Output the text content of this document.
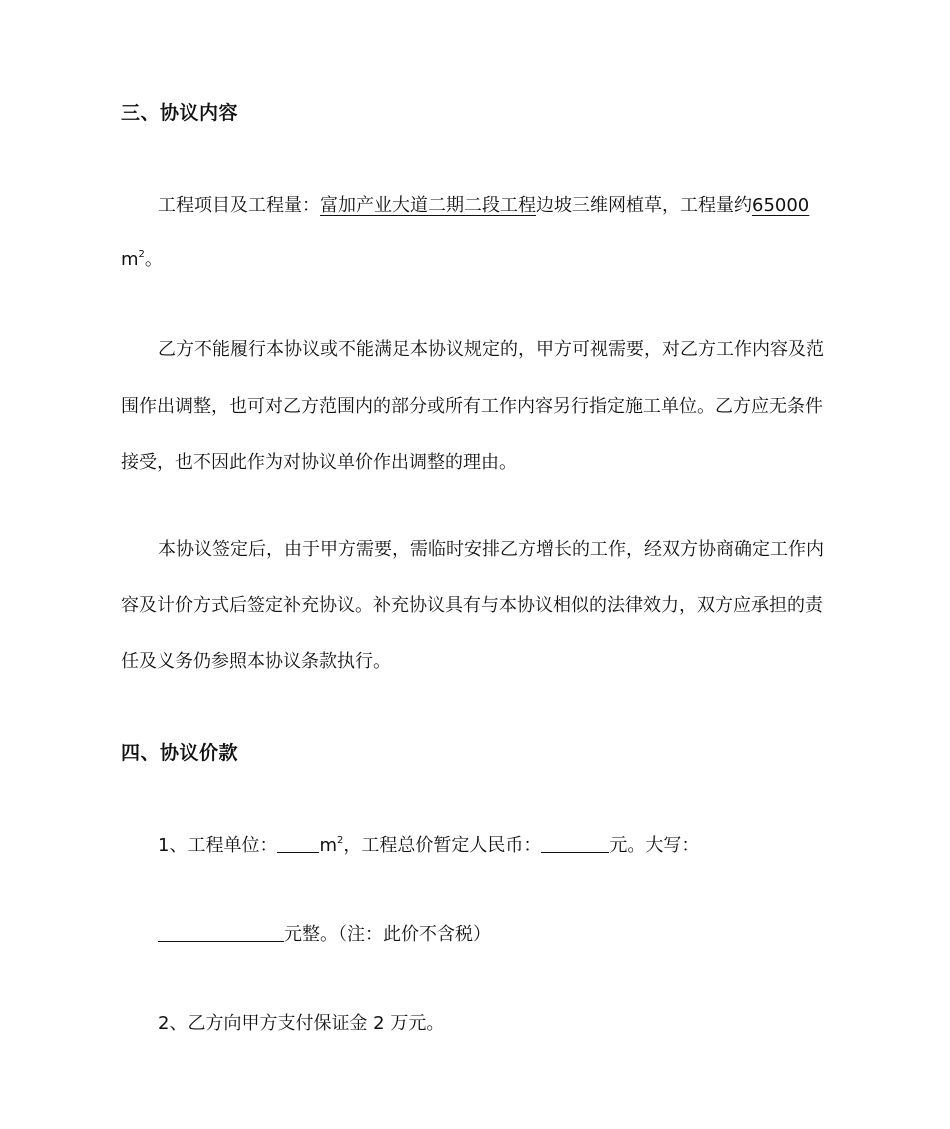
三、协议内容
工程项目及工程量：富加产业大道二期二段工程边坡三维网植草，工程量约65000
$m^2$。
乙方不能履行本协议或不能满足本协议规定的，甲方可视需要，对乙方工作内容及范
围作出调整，也可对乙方范围内的部分或所有工作内容另行指定施工单位。乙方应无条件
接受，也不因此作为对协议单价作出调整的理由。
本协议签定后，由于甲方需要，需临时安排乙方增长的工作，经双方协商确定工作内
容及计价方式后签定补充协议。补充协议具有与本协议相似的法律效力，双方应承担的责
任及义务仍参照本协议条款执行。
四、协议价款
1、工程单位： $m^2$，工程总价暂定人民币：	元。大写：
元整。（注：此价不含税）
2、乙方向甲方支付保证金 2 万元。
